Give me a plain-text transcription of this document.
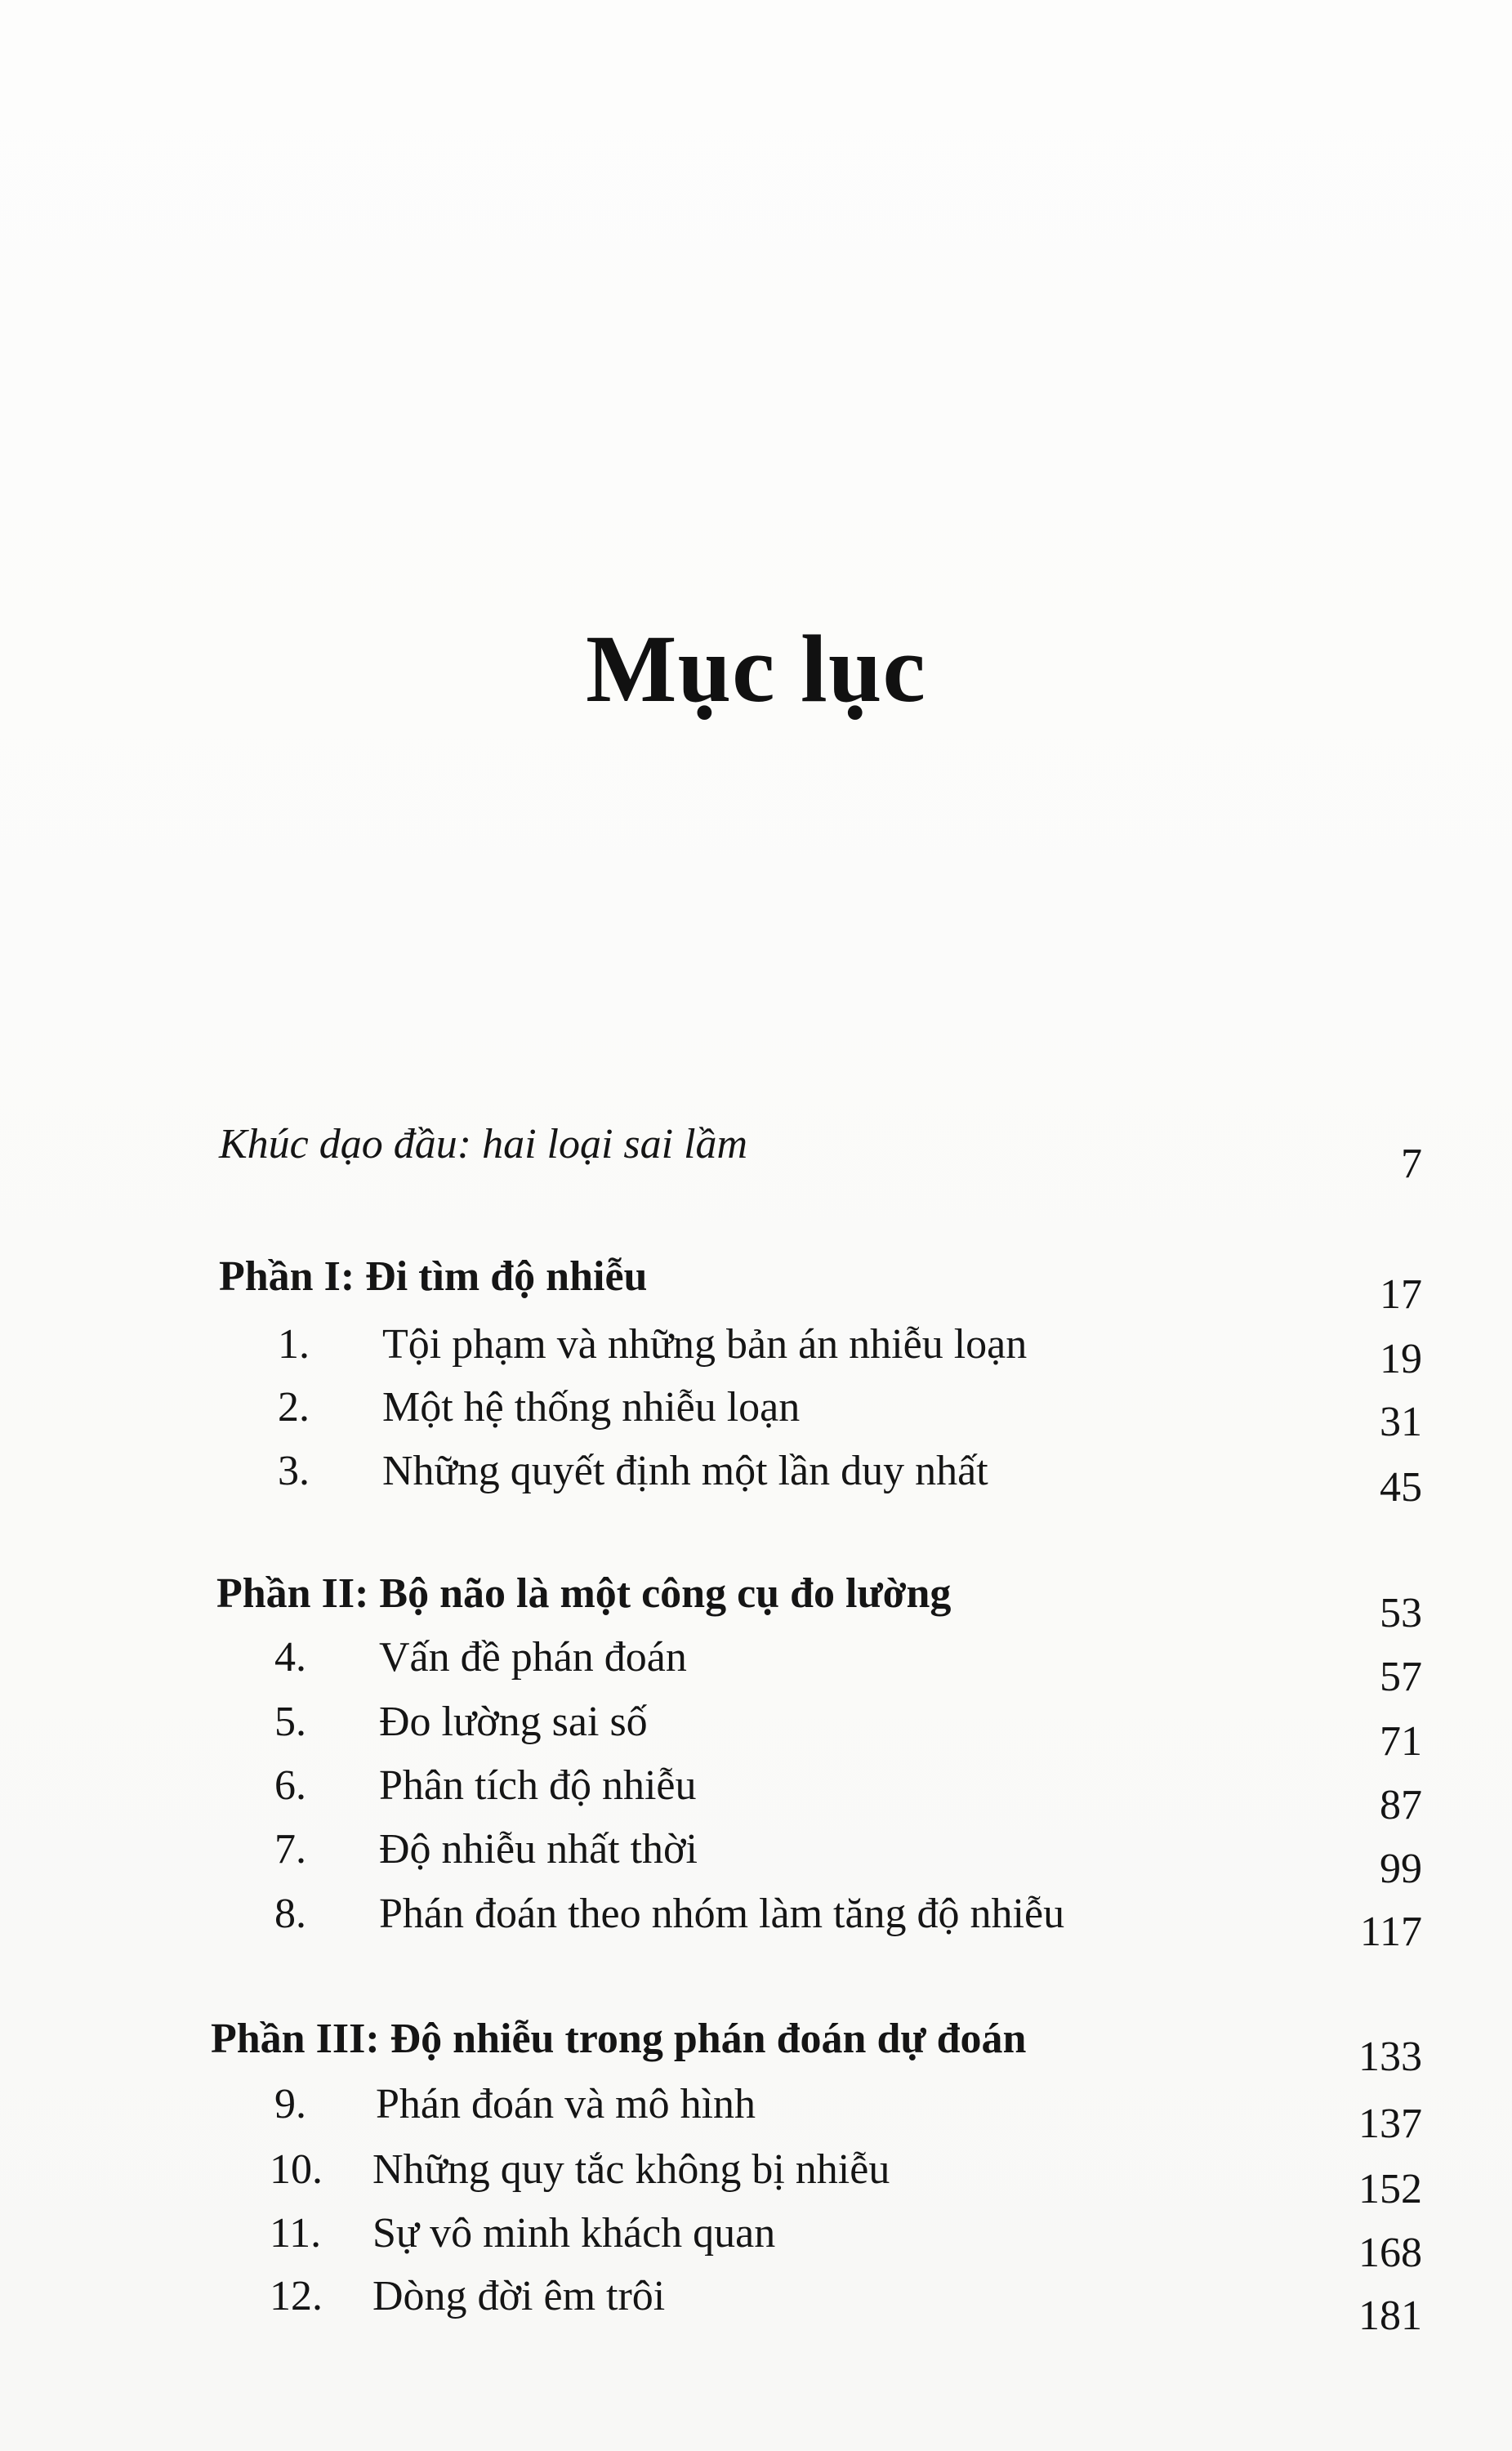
Mục lục
Khúc dạo đầu: hai loại sai lầm	7
Phần I: Đi tìm độ nhiễu	17
1. Tội phạm và những bản án nhiễu loạn	19
2. Một hệ thống nhiễu loạn	31
3. Những quyết định một lần duy nhất	45
Phần II: Bộ não là một công cụ đo lường	53
4. Vấn đề phán đoán	57
5. Đo lường sai số	71
6. Phân tích độ nhiễu	87
7. Độ nhiễu nhất thời	99
8. Phán đoán theo nhóm làm tăng độ nhiễu	117
Phần III: Độ nhiễu trong phán đoán dự đoán	133
9. Phán đoán và mô hình	137
10. Những quy tắc không bị nhiễu	152
11. Sự vô minh khách quan	168
12. Dòng đời êm trôi	181
